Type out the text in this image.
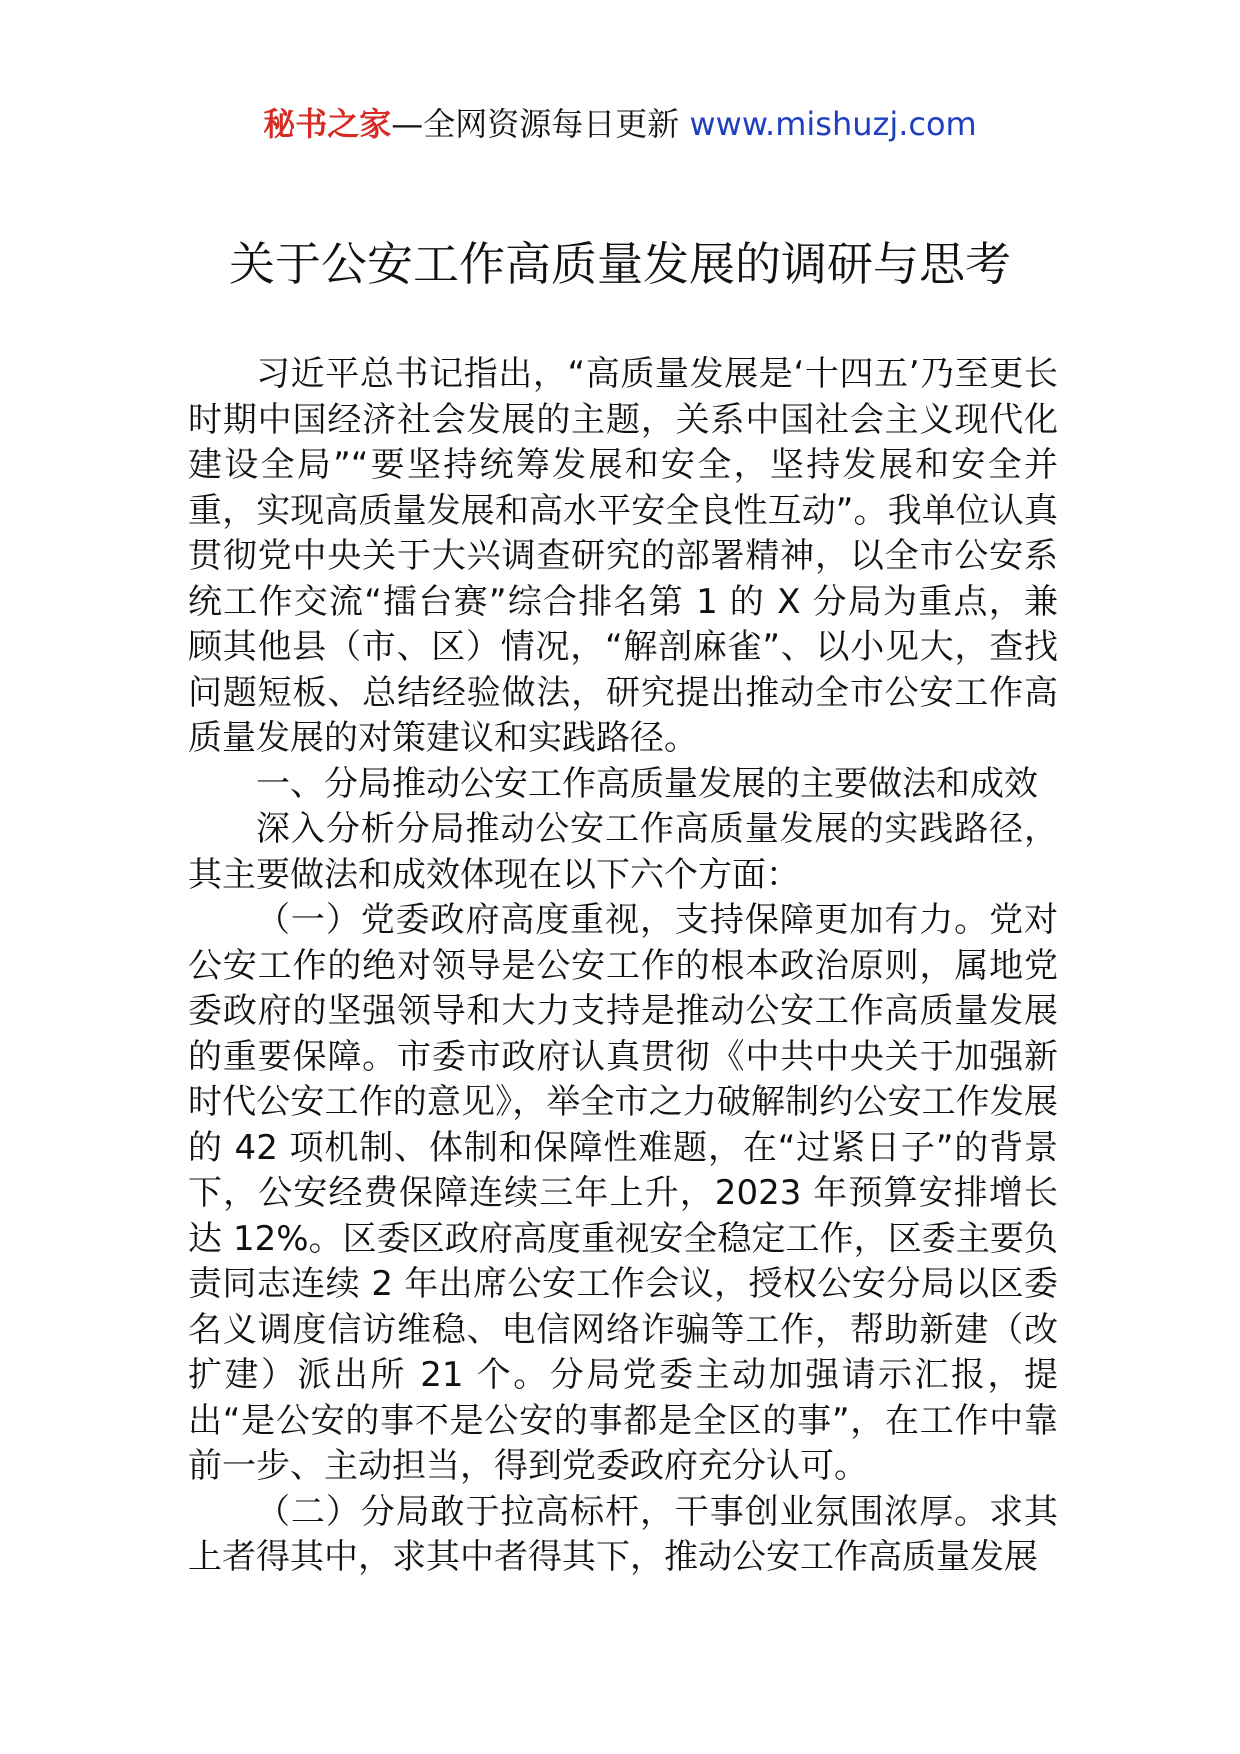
秘书之家—全网资源每日更新 www.mishuzj.com
关于公安工作高质量发展的调研与思考

习近平总书记指出，“高质量发展是‘十四五’乃至更长时期中国经济社会发展的主题，关系中国社会主义现代化建设全局”“要坚持统筹发展和安全，坚持发展和安全并重，实现高质量发展和高水平安全良性互动”。我单位认真贯彻党中央关于大兴调查研究的部署精神，以全市公安系统工作交流“擂台赛”综合排名第 1 的 X 分局为重点，兼顾其他县（市、区）情况，“解剖麻雀”、以小见大，查找问题短板、总结经验做法，研究提出推动全市公安工作高质量发展的对策建议和实践路径。

一、分局推动公安工作高质量发展的主要做法和成效

深入分析分局推动公安工作高质量发展的实践路径，其主要做法和成效体现在以下六个方面：

（一）党委政府高度重视，支持保障更加有力。党对公安工作的绝对领导是公安工作的根本政治原则，属地党委政府的坚强领导和大力支持是推动公安工作高质量发展的重要保障。市委市政府认真贯彻《中共中央关于加强新时代公安工作的意见》，举全市之力破解制约公安工作发展的 42 项机制、体制和保障性难题，在“过紧日子”的背景下，公安经费保障连续三年上升，2023 年预算安排增长达 12%。区委区政府高度重视安全稳定工作，区委主要负责同志连续 2 年出席公安工作会议，授权公安分局以区委名义调度信访维稳、电信网络诈骗等工作，帮助新建（改扩建）派出所 21 个。分局党委主动加强请示汇报，提出“是公安的事不是公安的事都是全区的事”，在工作中靠前一步、主动担当，得到党委政府充分认可。

（二）分局敢于拉高标杆，干事创业氛围浓厚。求其上者得其中，求其中者得其下，推动公安工作高质量发展
